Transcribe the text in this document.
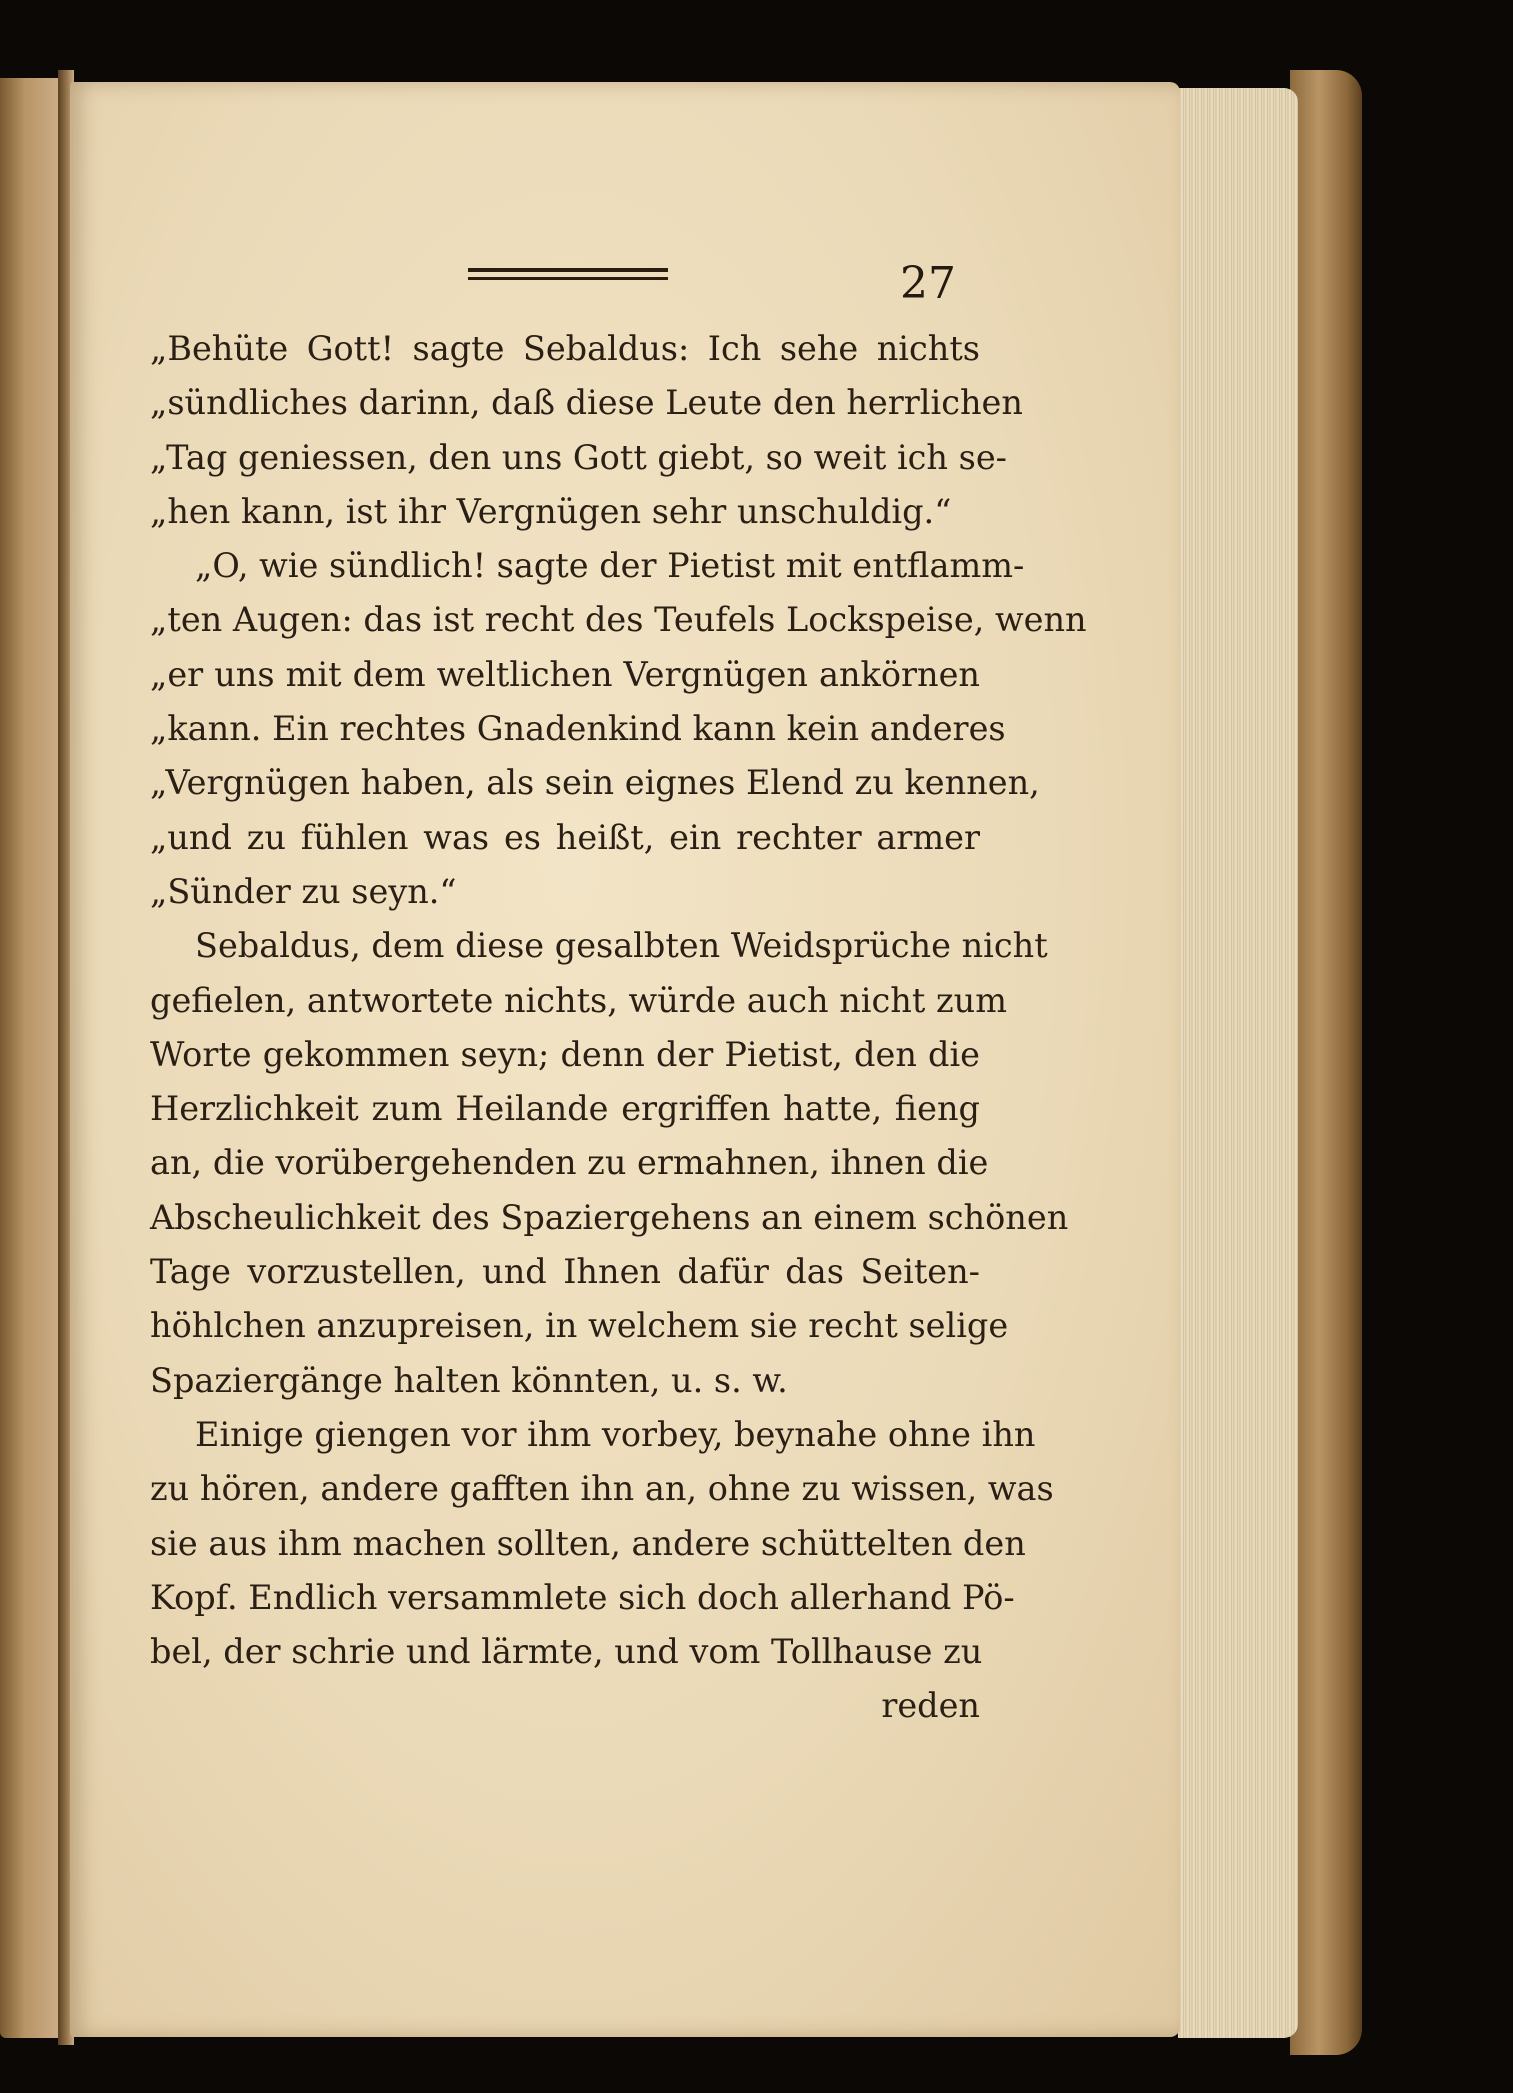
27
„Behüte Gott! sagte Sebaldus: Ich sehe nichts
„sündliches darinn, daß diese Leute den herrlichen
„Tag geniessen, den uns Gott giebt, so weit ich se-
„hen kann, ist ihr Vergnügen sehr unschuldig.“
„O, wie sündlich! sagte der Pietist mit entflamm-
„ten Augen: das ist recht des Teufels Lockspeise, wenn
„er uns mit dem weltlichen Vergnügen ankörnen
„kann. Ein rechtes Gnadenkind kann kein anderes
„Vergnügen haben, als sein eignes Elend zu kennen,
„und zu fühlen was es heißt, ein rechter armer
„Sünder zu seyn.“
Sebaldus, dem diese gesalbten Weidsprüche nicht
gefielen, antwortete nichts, würde auch nicht zum
Worte gekommen seyn; denn der Pietist, den die
Herzlichkeit zum Heilande ergriffen hatte, fieng
an, die vorübergehenden zu ermahnen, ihnen die
Abscheulichkeit des Spaziergehens an einem schönen
Tage vorzustellen, und Ihnen dafür das Seiten-
höhlchen anzupreisen, in welchem sie recht selige
Spaziergänge halten könnten, u. s. w.
Einige giengen vor ihm vorbey, beynahe ohne ihn
zu hören, andere gafften ihn an, ohne zu wissen, was
sie aus ihm machen sollten, andere schüttelten den
Kopf. Endlich versammlete sich doch allerhand Pö-
bel, der schrie und lärmte, und vom Tollhause zu
reden
